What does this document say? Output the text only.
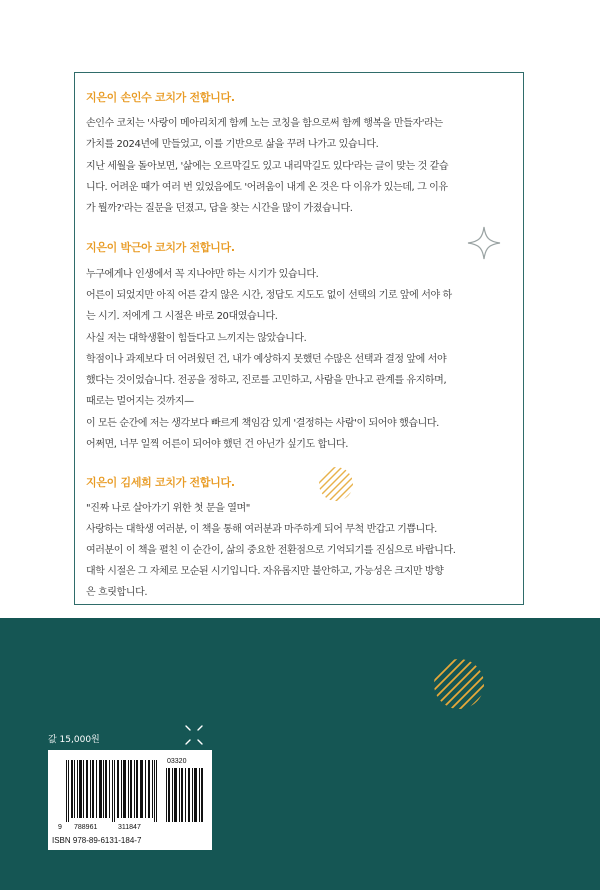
지은이 손인수 코치가 전합니다.
손인수 코치는 '사랑이 메아리치게 함께 노는 코칭을 함으로써 함께 행복을 만들자'라는
가치를 2024년에 만들었고, 이를 기반으로 삶을 꾸려 나가고 있습니다.
지난 세월을 돌아보면, '삶에는 오르막길도 있고 내리막길도 있다'라는 글이 맞는 것 같습
니다. 어려운 때가 여러 번 있었음에도 '어려움이 내게 온 것은 다 이유가 있는데, 그 이유
가 뭘까?'라는 질문을 던졌고, 답을 찾는 시간을 많이 가졌습니다.
지은이 박근아 코치가 전합니다.
누구에게나 인생에서 꼭 지나야만 하는 시기가 있습니다.
어른이 되었지만 아직 어른 같지 않은 시간, 정답도 지도도 없이 선택의 기로 앞에 서야 하
는 시기. 저에게 그 시절은 바로 20대였습니다.
사실 저는 대학생활이 힘들다고 느끼지는 않았습니다.
학점이나 과제보다 더 어려웠던 건, 내가 예상하지 못했던 수많은 선택과 결정 앞에 서야
했다는 것이었습니다. 전공을 정하고, 진로를 고민하고, 사람을 만나고 관계를 유지하며,
때로는 멀어지는 것까지—
이 모든 순간에 저는 생각보다 빠르게 책임감 있게 '결정하는 사람'이 되어야 했습니다.
어쩌면, 너무 일찍 어른이 되어야 했던 건 아닌가 싶기도 합니다.
지은이 김세희 코치가 전합니다.
"진짜 나로 살아가기 위한 첫 문을 열며"
사랑하는 대학생 여러분, 이 책을 통해 여러분과 마주하게 되어 무척 반갑고 기쁩니다.
여러분이 이 책을 펼친 이 순간이, 삶의 중요한 전환점으로 기억되기를 진심으로 바랍니다.
대학 시절은 그 자체로 모순된 시기입니다. 자유롭지만 불안하고, 가능성은 크지만 방향
은 흐릿합니다.
값 15,000원
03320
9 788961	311847
ISBN 978-89-6131-184-7
